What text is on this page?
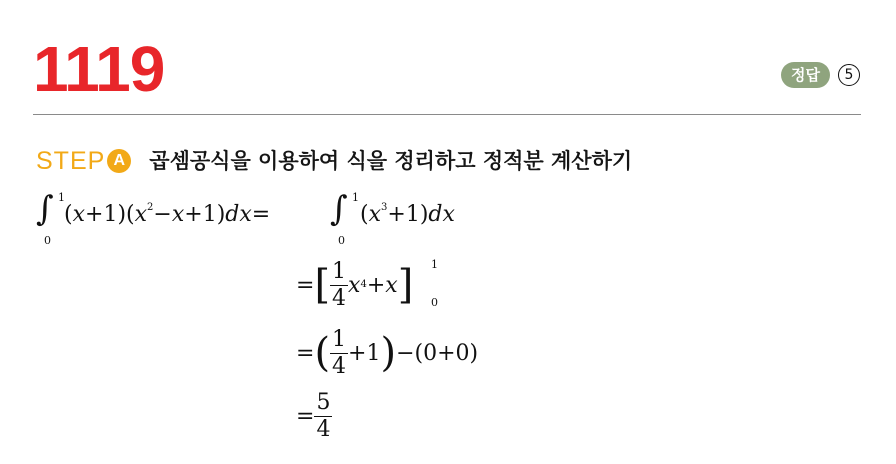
1119	정답	5
STEP A 곱셈공식을 이용하여 식을 정리하고 정적분 계산하기
∫ 1
0
$(x+1)(x^2-x+1)dx=$ ∫ 1
0
$(x^3+1)dx$
= [ $\frac{1}{4}$ x 4 + x ] 1
0
= ( $\frac{1}{4} +1$ ) − (0+0)
= $\frac{5}{4}$
